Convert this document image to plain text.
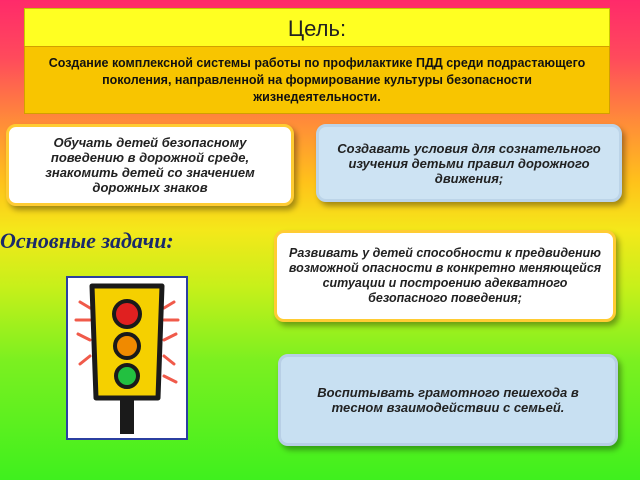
Цель:
Создание комплексной системы работы по профилактике ПДД среди подрастающего поколения, направленной на формирование культуры безопасности жизнедеятельности.
Обучать детей безопасному поведению в дорожной среде, знакомить детей со значением дорожных знаков
Создавать условия для сознательного изучения детьми правил дорожного движения;
Основные задачи:	Развивать у детей способности к предвидению возможной опасности в конкретно меняющейся ситуации и построению адекватного безопасного поведения;
Воспитывать грамотного пешехода в тесном взаимодействии с семьей.
